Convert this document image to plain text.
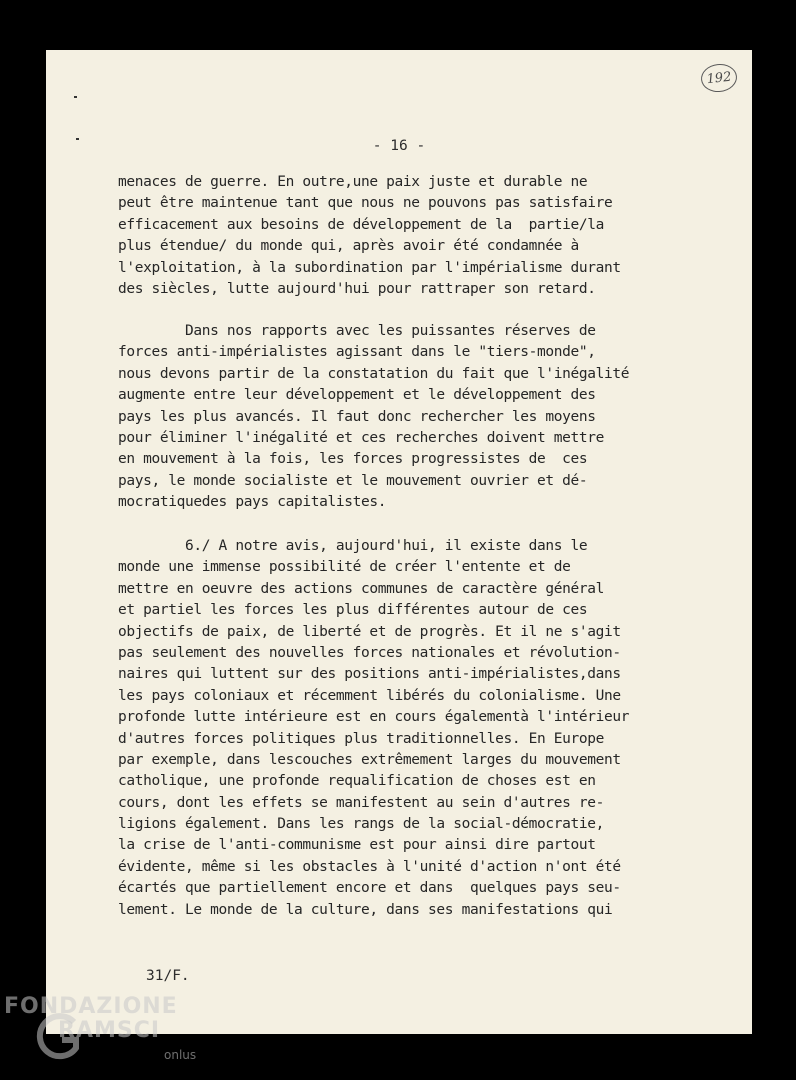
192
- 16 -
menaces de guerre. En outre,une paix juste et durable ne
peut être maintenue tant que nous ne pouvons pas satisfaire
efficacement aux besoins de développement de la  partie/la
plus étendue/ du monde qui, après avoir été condamnée à
l'exploitation, à la subordination par l'impérialisme durant
des siècles, lutte aujourd'hui pour rattraper son retard.
Dans nos rapports avec les puissantes réserves de
forces anti-impérialistes agissant dans le "tiers-monde",
nous devons partir de la constatation du fait que l'inégalité
augmente entre leur développement et le développement des
pays les plus avancés. Il faut donc rechercher les moyens
pour éliminer l'inégalité et ces recherches doivent mettre
en mouvement à la fois, les forces progressistes de  ces
pays, le monde socialiste et le mouvement ouvrier et dé-
mocratiquedes pays capitalistes.
6./ A notre avis, aujourd'hui, il existe dans le
monde une immense possibilité de créer l'entente et de
mettre en oeuvre des actions communes de caractère général
et partiel les forces les plus différentes autour de ces
objectifs de paix, de liberté et de progrès. Et il ne s'agit
pas seulement des nouvelles forces nationales et révolution-
naires qui luttent sur des positions anti-impérialistes,dans
les pays coloniaux et récemment libérés du colonialisme. Une
profonde lutte intérieure est en cours égalementà l'intérieur
d'autres forces politiques plus traditionnelles. En Europe
par exemple, dans lescouches extrêmement larges du mouvement
catholique, une profonde requalification de choses est en
cours, dont les effets se manifestent au sein d'autres re-
ligions également. Dans les rangs de la social-démocratie,
la crise de l'anti-communisme est pour ainsi dire partout
évidente, même si les obstacles à l'unité d'action n'ont été
écartés que partiellement encore et dans  quelques pays seu-
lement. Le monde de la culture, dans ses manifestations qui
31/F.
FONDAZIONE
RAMSCI
onlus
